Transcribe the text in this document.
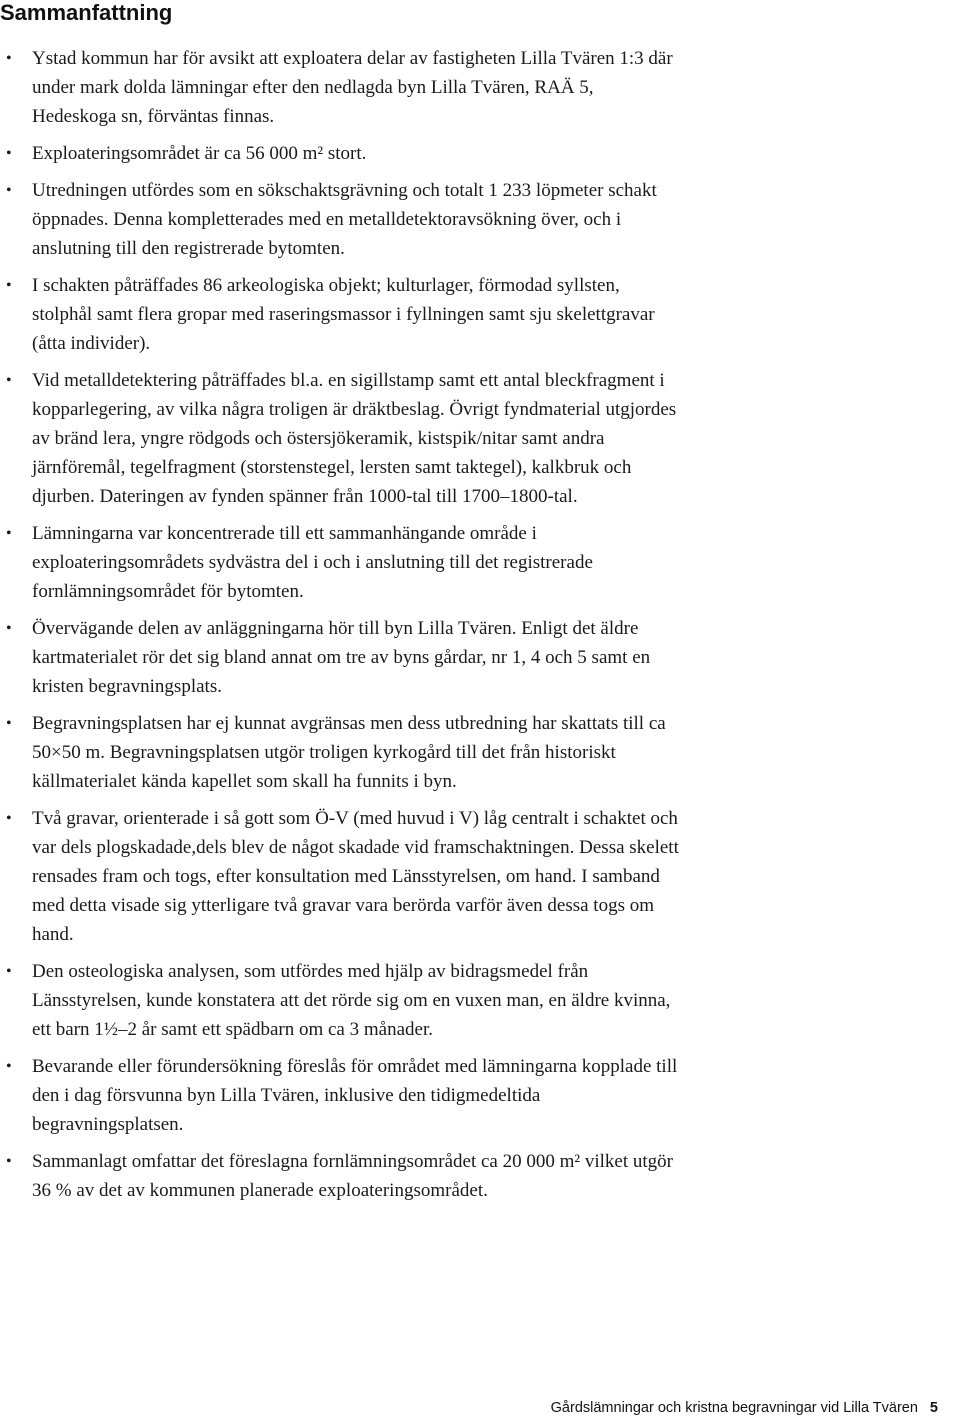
Sammanfattning
• Ystad kommun har för avsikt att exploatera delar av fastigheten Lilla Tvären 1:3 där under mark dolda lämningar efter den nedlagda byn Lilla Tvären, RAÄ 5, Hedeskoga sn, förväntas finnas.
• Exploateringsområdet är ca 56 000 m² stort.
• Utredningen utfördes som en sökschaktsgrävning och totalt 1 233 löpmeter schakt öppnades. Denna kompletterades med en metalldetektoravsökning över, och i anslutning till den registrerade bytomten.
• I schakten påträffades 86 arkeologiska objekt; kulturlager, förmodad syllsten, stolphål samt flera gropar med raseringsmassor i fyllningen samt sju skelettgravar (åtta individer).
• Vid metalldetektering påträffades bl.a. en sigillstamp samt ett antal bleckfragment i kopparlegering, av vilka några troligen är dräktbeslag. Övrigt fyndmaterial utgjordes av bränd lera, yngre rödgods och östersjökeramik, kistspik/nitar samt andra järnföremål, tegelfragment (storstenstegel, lersten samt taktegel), kalkbruk och djurben. Dateringen av fynden spänner från 1000-tal till 1700–1800-tal.
• Lämningarna var koncentrerade till ett sammanhängande område i exploateringsområdets sydvästra del i och i anslutning till det registrerade fornlämningsområdet för bytomten.
• Övervägande delen av anläggningarna hör till byn Lilla Tvären. Enligt det äldre kartmaterialet rör det sig bland annat om tre av byns gårdar, nr 1, 4 och 5 samt en kristen begravningsplats.
• Begravningsplatsen har ej kunnat avgränsas men dess utbredning har skattats till ca 50×50 m. Begravningsplatsen utgör troligen kyrkogård till det från historiskt källmaterialet kända kapellet som skall ha funnits i byn.
• Två gravar, orienterade i så gott som Ö-V (med huvud i V) låg centralt i schaktet och var dels plogskadade,dels blev de något skadade vid framschaktningen. Dessa skelett rensades fram och togs, efter konsultation med Länsstyrelsen, om hand. I samband med detta visade sig ytterligare två gravar vara berörda varför även dessa togs om hand.
• Den osteologiska analysen, som utfördes med hjälp av bidragsmedel från Länsstyrelsen, kunde konstatera att det rörde sig om en vuxen man, en äldre kvinna, ett barn 1½–2 år samt ett spädbarn om ca 3 månader.
• Bevarande eller förundersökning föreslås för området med lämningarna kopplade till den i dag försvunna byn Lilla Tvären, inklusive den tidigmedeltida begravningsplatsen.
• Sammanlagt omfattar det föreslagna fornlämningsområdet ca 20 000 m² vilket utgör 36 % av det av kommunen planerade exploateringsområdet.
Gårdslämningar och kristna begravningar vid Lilla Tvären 5
